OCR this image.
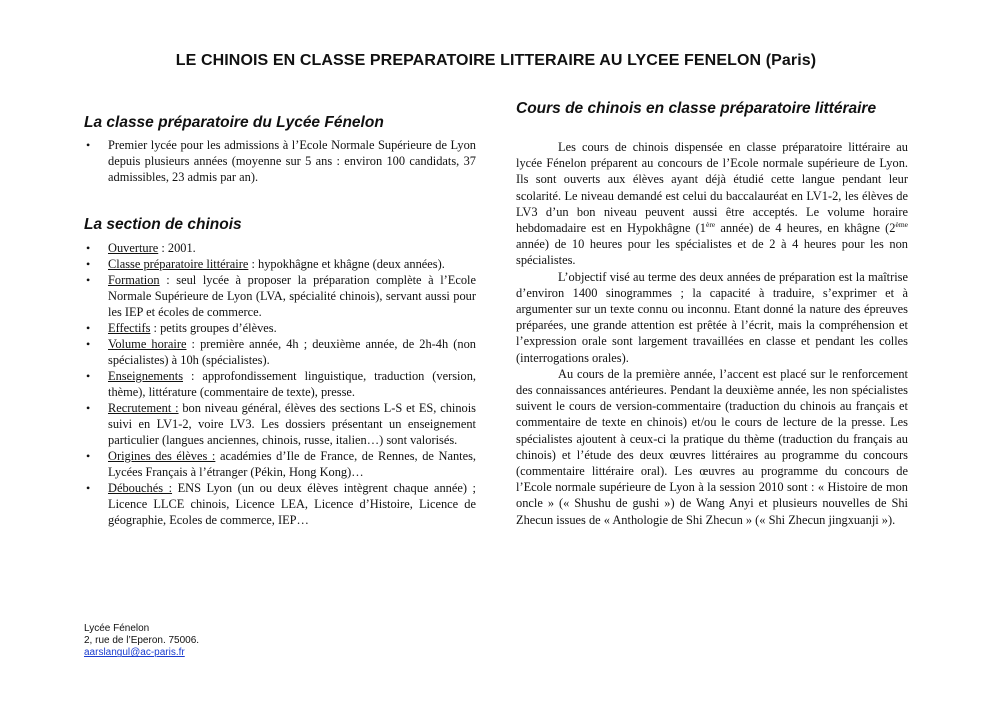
LE CHINOIS EN CLASSE PREPARATOIRE LITTERAIRE AU LYCEE FENELON (Paris)
La classe préparatoire du Lycée Fénelon
• Premier lycée pour les admissions à l’Ecole Normale Supérieure de Lyon depuis plusieurs années (moyenne sur 5 ans : environ 100 candidats, 37 admissibles, 23 admis par an).
La section de chinois
• Ouverture : 2001.
• Classe préparatoire littéraire : hypokhâgne et khâgne (deux années).
• Formation : seul lycée à proposer la préparation complète à l’Ecole Normale Supérieure de Lyon (LVA, spécialité chinois), servant aussi pour les IEP et écoles de commerce.
• Effectifs : petits groupes d’élèves.
• Volume horaire : première année, 4h ; deuxième année, de 2h-4h (non spécialistes) à 10h (spécialistes).
• Enseignements : approfondissement linguistique, traduction (version, thème), littérature (commentaire de texte), presse.
• Recrutement : bon niveau général, élèves des sections L-S et ES, chinois suivi en LV1-2, voire LV3. Les dossiers présentant un enseignement particulier (langues anciennes, chinois, russe, italien…) sont valorisés.
• Origines des élèves : académies d’Ile de France, de Rennes, de Nantes, Lycées Français à l’étranger (Pékin, Hong Kong)…
• Débouchés : ENS Lyon (un ou deux élèves intègrent chaque année) ; Licence LLCE chinois, Licence LEA, Licence d’Histoire, Licence de géographie, Ecoles de commerce, IEP…
Cours de chinois en classe préparatoire littéraire

Les cours de chinois dispensée en classe préparatoire littéraire au lycée Fénelon préparent au concours de l’Ecole normale supérieure de Lyon. Ils sont ouverts aux élèves ayant déjà étudié cette langue pendant leur scolarité. Le niveau demandé est celui du baccalauréat en LV1-2, les élèves de LV3 d’un bon niveau peuvent aussi être acceptés. Le volume horaire hebdomadaire est en Hypokhâgne (1ère année) de 4 heures, en khâgne (2ème année) de 10 heures pour les spécialistes et de 2 à 4 heures pour les non spécialistes.

L’objectif visé au terme des deux années de préparation est la maîtrise d’environ 1400 sinogrammes ; la capacité à traduire, s’exprimer et à argumenter sur un texte connu ou inconnu. Etant donné la nature des épreuves préparées, une grande attention est prêtée à l’écrit, mais la compréhension et l’expression orale sont largement travaillées en classe et pendant les colles (interrogations orales).

Au cours de la première année, l’accent est placé sur le renforcement des connaissances antérieures. Pendant la deuxième année, les non spécialistes suivent le cours de version-commentaire (traduction du chinois au français et commentaire de texte en chinois) et/ou le cours de lecture de la presse. Les spécialistes ajoutent à ceux-ci la pratique du thème (traduction du français au chinois) et l’étude des deux œuvres littéraires au programme du concours (commentaire littéraire oral). Les œuvres au programme du concours de l’Ecole normale supérieure de Lyon à la session 2010 sont : « Histoire de mon oncle » (« Shushu de gushi ») de Wang Anyi et plusieurs nouvelles de Shi Zhecun issues de « Anthologie de Shi Zhecun » (« Shi Zhecun jingxuanji »).

Lycée Fénelon
2, rue de l’Eperon. 75006.
aarslangul@ac-paris.fr
